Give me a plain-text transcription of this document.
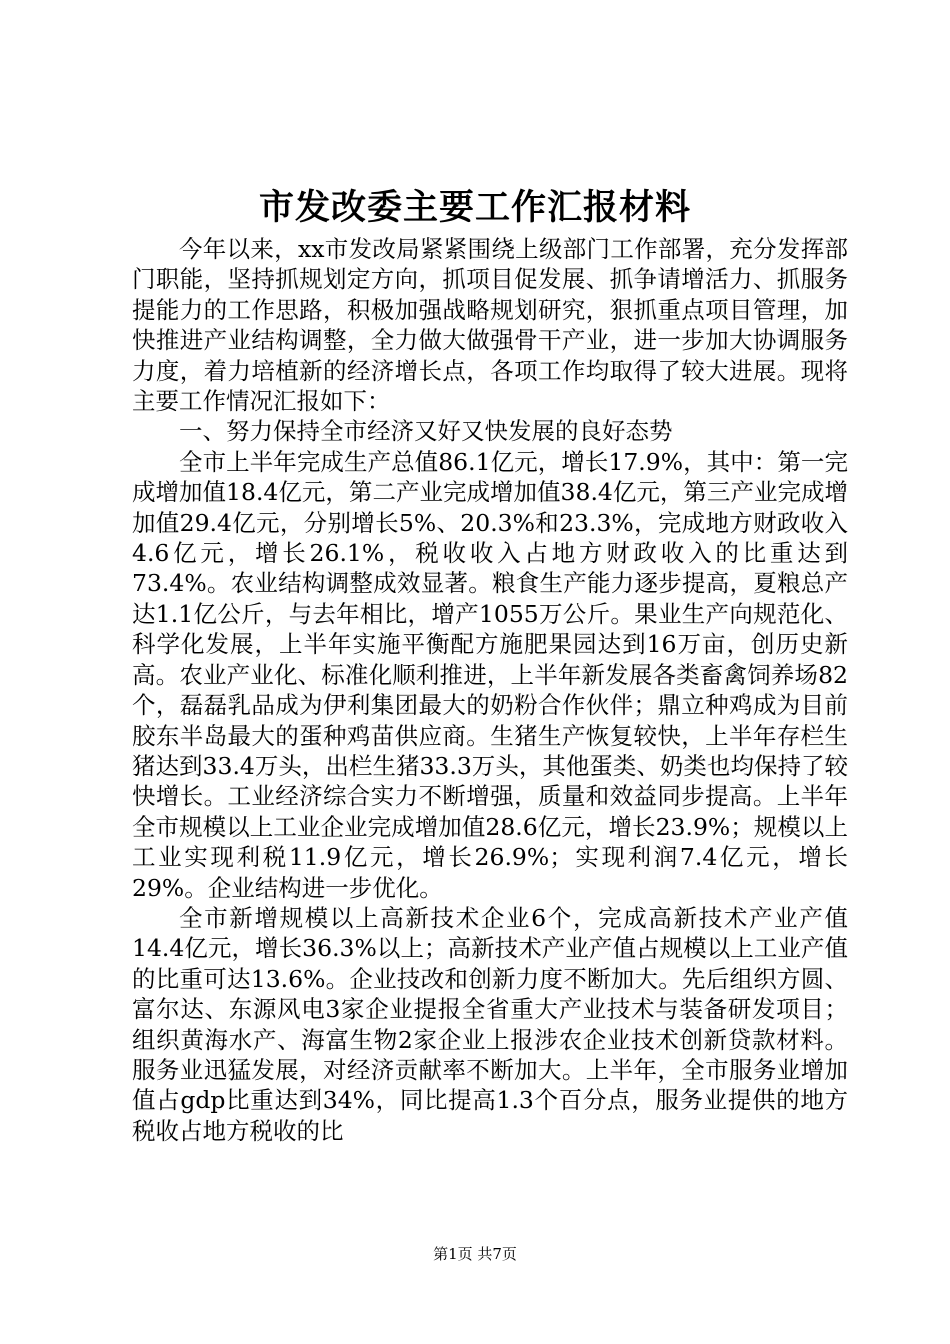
市发改委主要工作汇报材料

今年以来，xx市发改局紧紧围绕上级部门工作部署，充分发挥部门职能，坚持抓规划定方向，抓项目促发展、抓争请增活力、抓服务提能力的工作思路，积极加强战略规划研究，狠抓重点项目管理，加快推进产业结构调整，全力做大做强骨干产业，进一步加大协调服务力度，着力培植新的经济增长点，各项工作均取得了较大进展。现将主要工作情况汇报如下：

一、努力保持全市经济又好又快发展的良好态势

全市上半年完成生产总值86.1亿元，增长17.9%，其中：第一完成增加值18.4亿元，第二产业完成增加值38.4亿元，第三产业完成增加值29.4亿元，分别增长5%、20.3%和23.3%，完成地方财政收入4.6亿元，增长26.1%，税收收入占地方财政收入的比重达到73.4%。农业结构调整成效显著。粮食生产能力逐步提高，夏粮总产达1.1亿公斤，与去年相比，增产1055万公斤。果业生产向规范化、科学化发展，上半年实施平衡配方施肥果园达到16万亩，创历史新高。农业产业化、标准化顺利推进，上半年新发展各类畜禽饲养场82个，磊磊乳品成为伊利集团最大的奶粉合作伙伴；鼎立种鸡成为目前胶东半岛最大的蛋种鸡苗供应商。生猪生产恢复较快，上半年存栏生猪达到33.4万头，出栏生猪33.3万头，其他蛋类、奶类也均保持了较快增长。工业经济综合实力不断增强，质量和效益同步提高。上半年全市规模以上工业企业完成增加值28.6亿元，增长23.9%；规模以上工业实现利税11.9亿元，增长26.9%；实现利润7.4亿元，增长29%。企业结构进一步优化。

全市新增规模以上高新技术企业6个，完成高新技术产业产值14.4亿元，增长36.3%以上；高新技术产业产值占规模以上工业产值的比重可达13.6%。企业技改和创新力度不断加大。先后组织方圆、富尔达、东源风电3家企业提报全省重大产业技术与装备研发项目；组织黄海水产、海富生物2家企业上报涉农企业技术创新贷款材料。服务业迅猛发展，对经济贡献率不断加大。上半年，全市服务业增加值占gdp比重达到34%，同比提高1.3个百分点，服务业提供的地方税收占地方税收的比

第1页 共7页
